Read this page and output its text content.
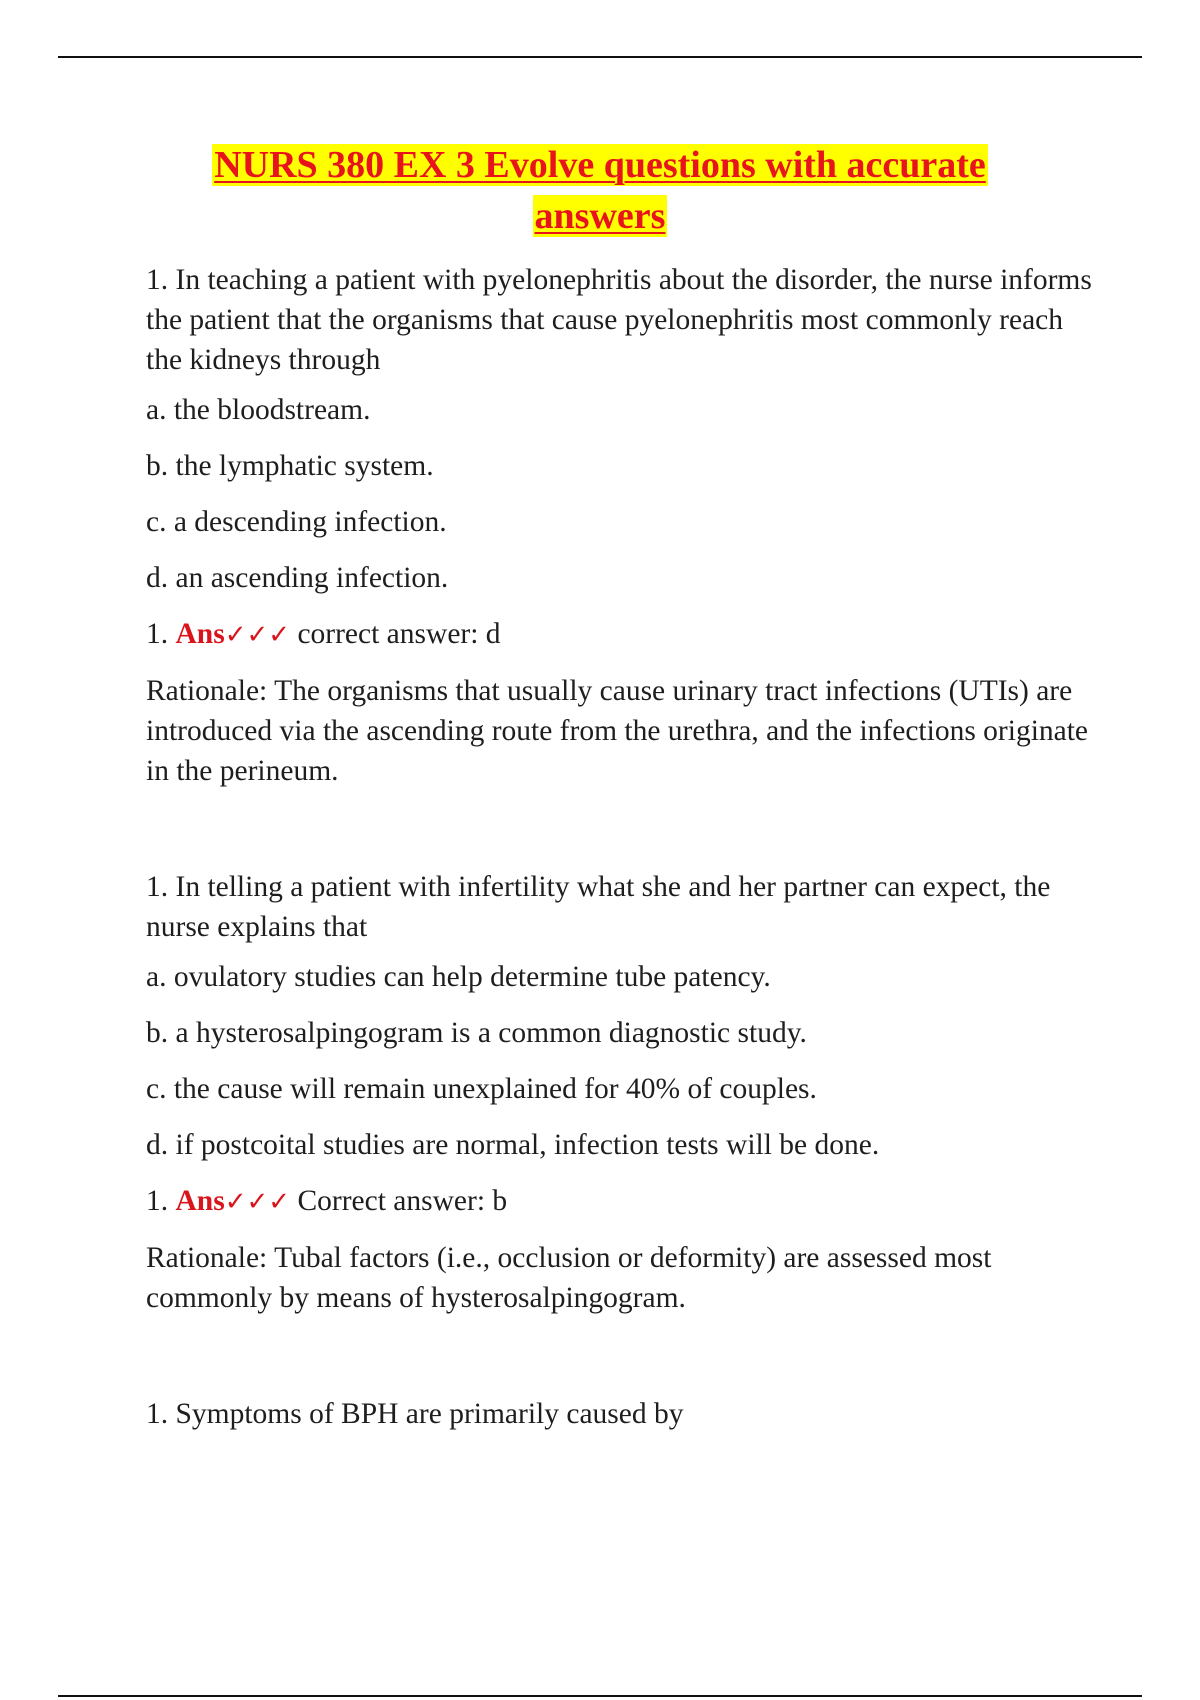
NURS 380 EX 3 Evolve questions with accurate
answers

1. In teaching a patient with pyelonephritis about the disorder, the nurse informs the patient that the organisms that cause pyelonephritis most commonly reach the kidneys through

a. the bloodstream.

b. the lymphatic system.

c. a descending infection.

d. an ascending infection.

1. Ans✓✓✓ correct answer: d

Rationale: The organisms that usually cause urinary tract infections (UTIs) are introduced via the ascending route from the urethra, and the infections originate in the perineum.

1. In telling a patient with infertility what she and her partner can expect, the nurse explains that

a. ovulatory studies can help determine tube patency.

b. a hysterosalpingogram is a common diagnostic study.

c. the cause will remain unexplained for 40% of couples.

d. if postcoital studies are normal, infection tests will be done.

1. Ans✓✓✓ Correct answer: b

Rationale: Tubal factors (i.e., occlusion or deformity) are assessed most commonly by means of hysterosalpingogram.

1. Symptoms of BPH are primarily caused by
